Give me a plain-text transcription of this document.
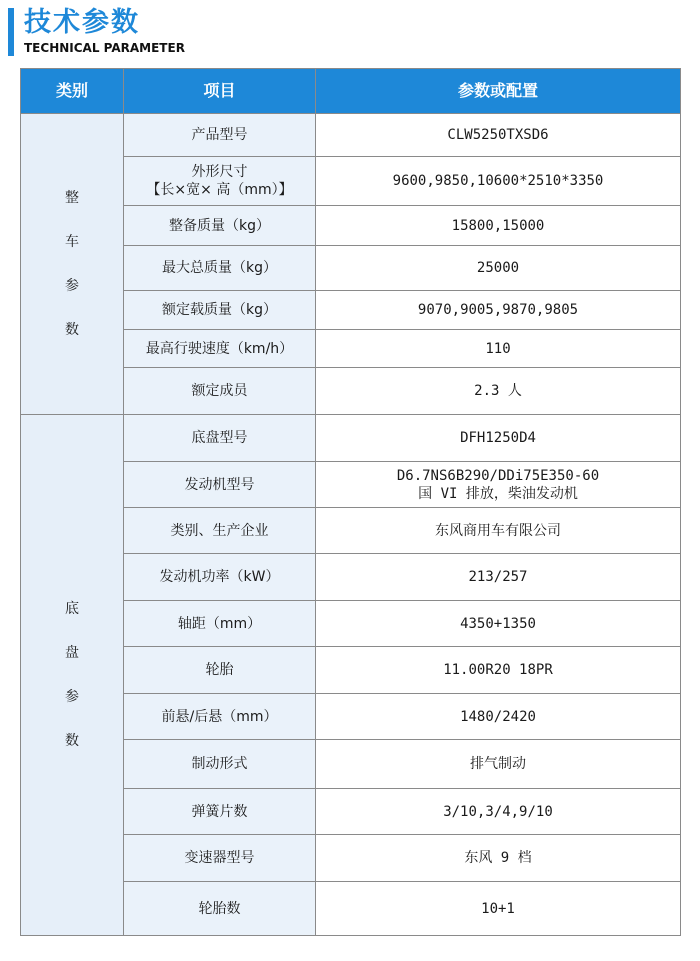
技术参数
TECHNICAL PARAMETER
类别	项目	参数或配置

整
车
参
数	产品型号	CLW5250TXSD6

	外形尺寸
【长×宽× 高（mm）】	9600,9850,10600*2510*3350

	整备质量（kg）	15800,15000

	最大总质量（kg）	25000

	额定载质量（kg）	9070,9005,9870,9805

	最高行驶速度（km/h）	110

	额定成员	2.3 人

底
盘
参
数	底盘型号	DFH1250D4

	发动机型号	D6.7NS6B290/DDi75E350-60
国 VI 排放，柴油发动机

	类别、生产企业	东风商用车有限公司

	发动机功率（kW）	213/257

	轴距（mm）	4350+1350

	轮胎	11.00R20 18PR

	前悬/后悬（mm）	1480/2420

	制动形式	排气制动

	弹簧片数	3/10,3/4,9/10

	变速器型号	东风 9 档

	轮胎数	10+1
